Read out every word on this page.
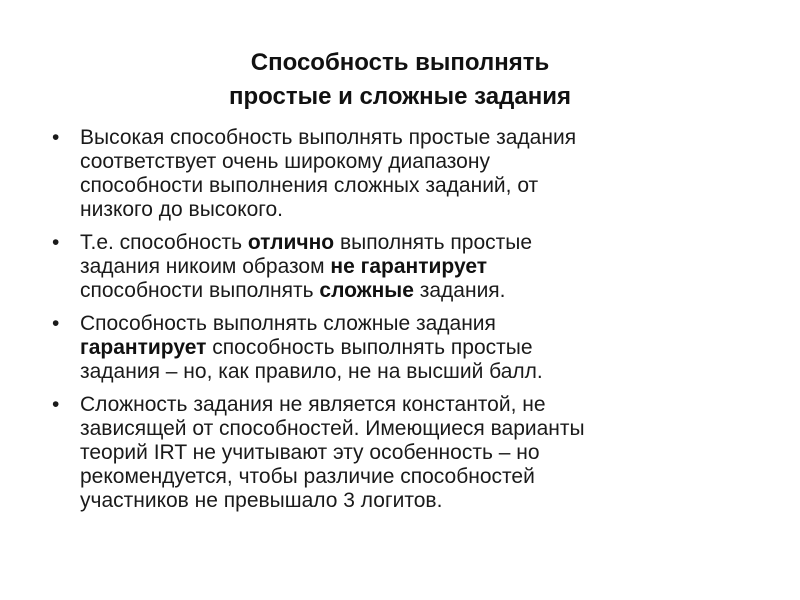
Способность выполнять
простые и сложные задания
• Высокая способность выполнять простые задания
соответствует очень широкому диапазону
способности выполнения сложных заданий, от
низкого до высокого.
• Т.е. способность отлично выполнять простые
задания никоим образом не гарантирует
способности выполнять сложные задания.
• Способность выполнять сложные задания
гарантирует способность выполнять простые
задания – но, как правило, не на высший балл.
• Сложность задания не является константой, не
зависящей от способностей. Имеющиеся варианты
теорий IRT не учитывают эту особенность – но
рекомендуется, чтобы различие способностей
участников не превышало 3 логитов.
